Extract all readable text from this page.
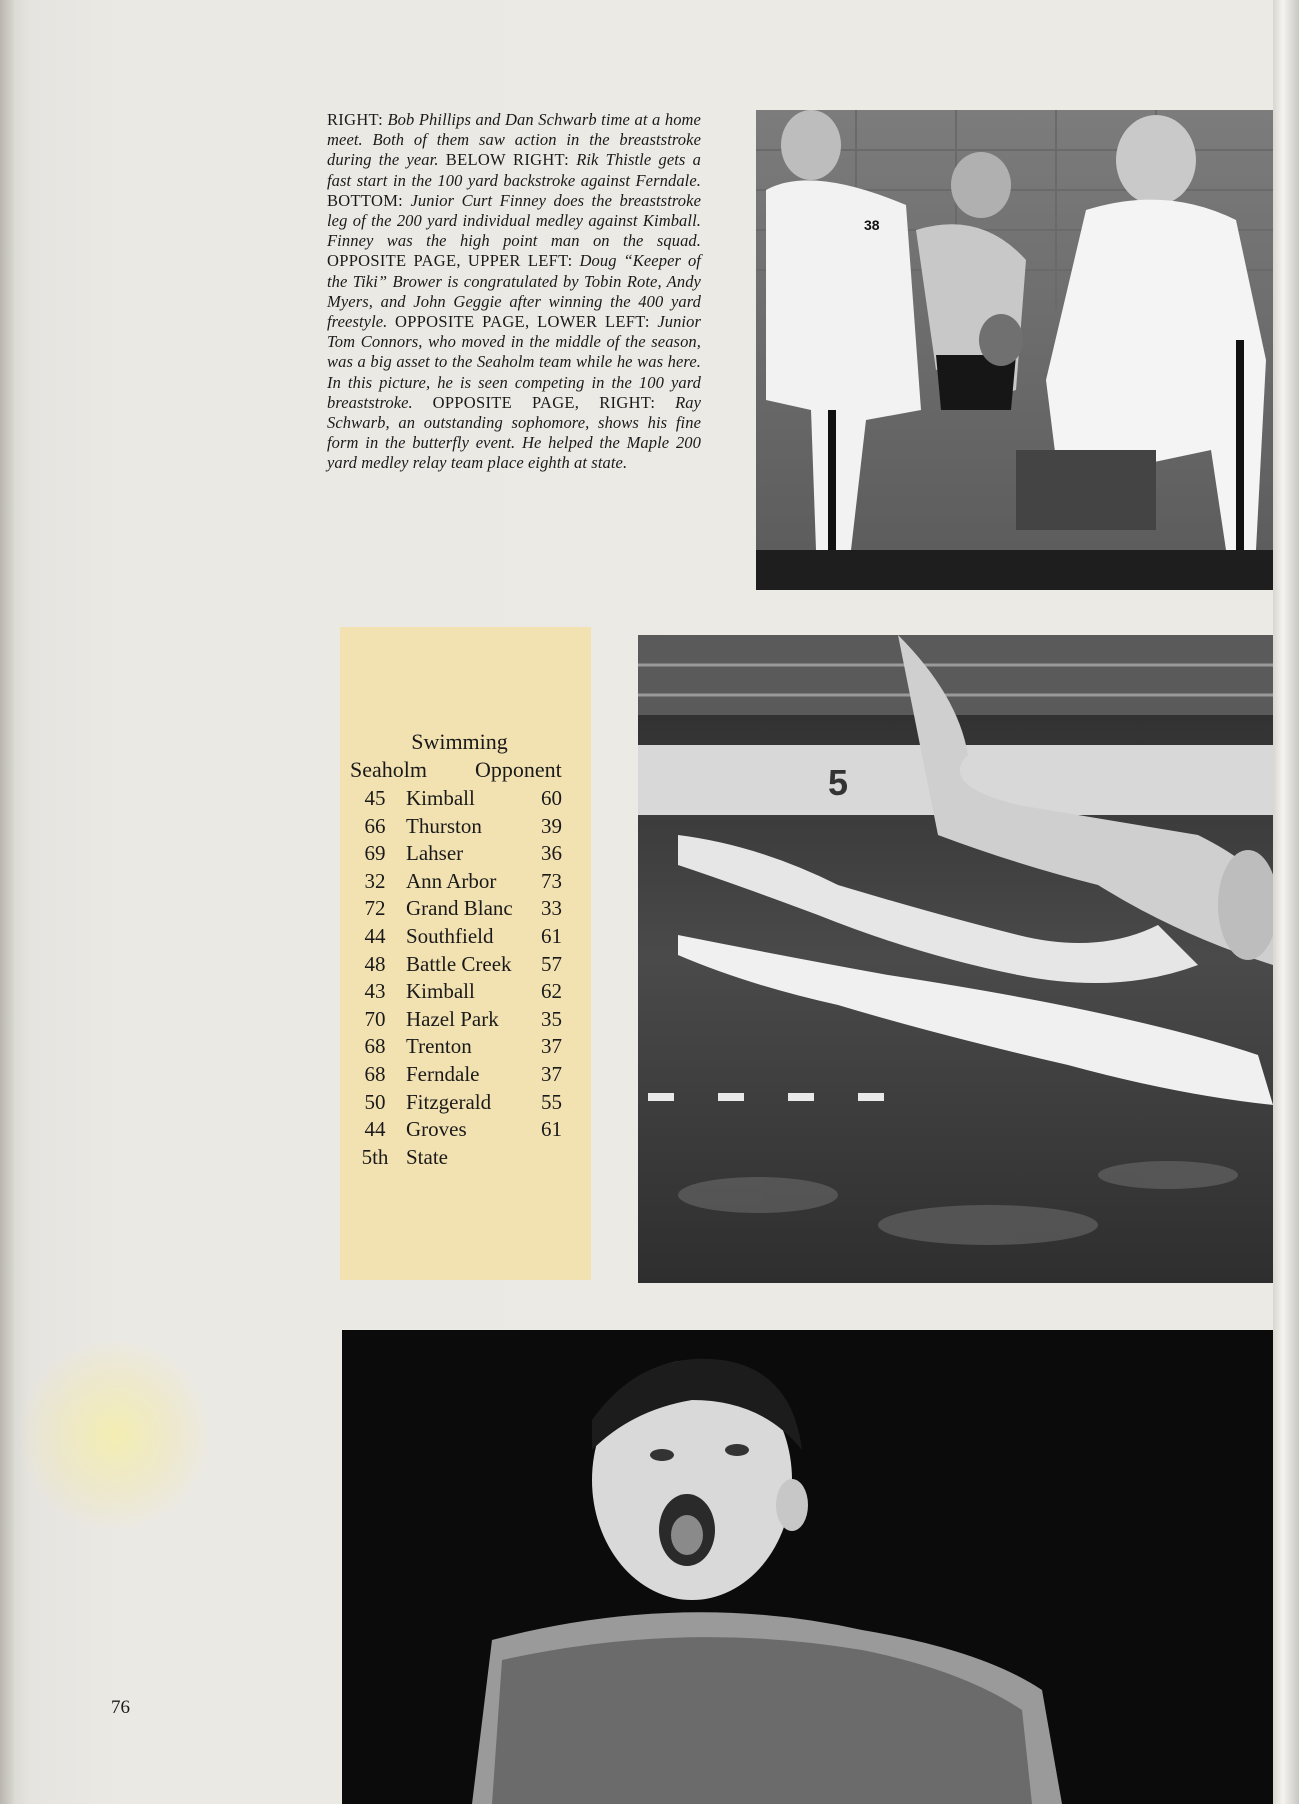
RIGHT: Bob Phillips and Dan Schwarb time at a home meet. Both of them saw action in the breaststroke during the year. BELOW RIGHT: Rik Thistle gets a fast start in the 100 yard backstroke against Ferndale. BOTTOM: Junior Curt Finney does the breaststroke leg of the 200 yard individual medley against Kimball. Finney was the high point man on the squad. OPPOSITE PAGE, UPPER LEFT: Doug “Keeper of the Tiki” Brower is congratulated by Tobin Rote, Andy Myers, and John Geggie after winning the 400 yard freestyle. OPPOSITE PAGE, LOWER LEFT: Junior Tom Connors, who moved in the middle of the season, was a big asset to the Seaholm team while he was here. In this picture, he is seen competing in the 100 yard breaststroke. OPPOSITE PAGE, RIGHT: Ray Schwarb, an outstanding sophomore, shows his fine form in the butterfly event. He helped the Maple 200 yard medley relay team place eighth at state.
38
Swimming
Seaholm Opponent
45 Kimball	60
66 Thurston	39
69 Lahser	36
32 Ann Arbor	73
72 Grand Blanc	33
44 Southfield	61
48 Battle Creek	57
43 Kimball	62
70 Hazel Park	35
68 Trenton	37
68 Ferndale	37
50 Fitzgerald	55
44 Groves	61
5th State
5
76
